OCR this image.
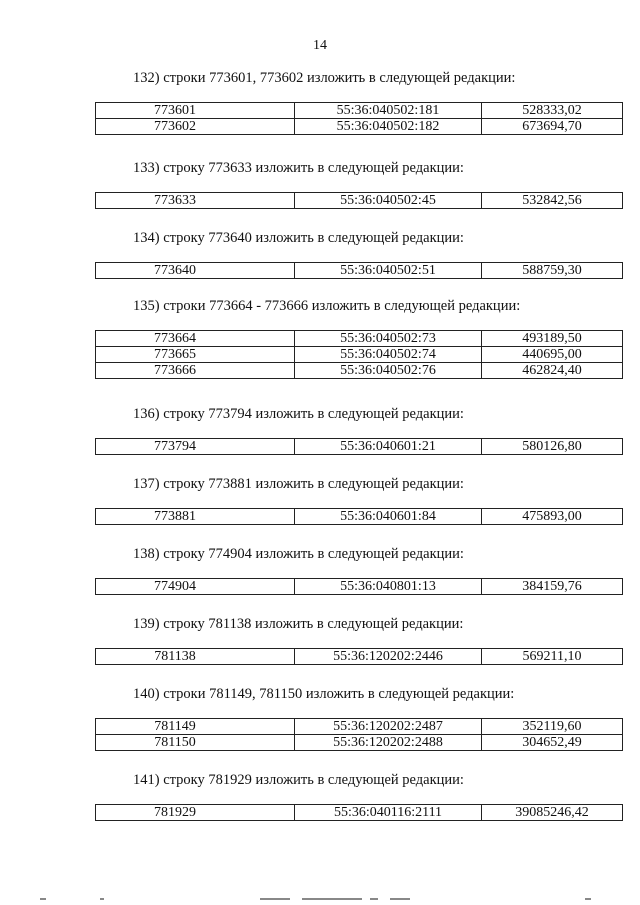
14
132) строки 773601, 773602 изложить в следующей редакции:
773601	55:36:040502:181	528333,02
773602	55:36:040502:182	673694,70
133) строку 773633 изложить в следующей редакции:
773633	55:36:040502:45	532842,56
134) строку 773640 изложить в следующей редакции:
773640	55:36:040502:51	588759,30
135) строки 773664 - 773666 изложить в следующей редакции:
773664	55:36:040502:73	493189,50
773665	55:36:040502:74	440695,00
773666	55:36:040502:76	462824,40
136) строку 773794 изложить в следующей редакции:
773794	55:36:040601:21	580126,80
137) строку 773881 изложить в следующей редакции:
773881	55:36:040601:84	475893,00
138) строку 774904 изложить в следующей редакции:
774904	55:36:040801:13	384159,76
139) строку 781138 изложить в следующей редакции:
781138	55:36:120202:2446	569211,10
140) строки 781149, 781150 изложить в следующей редакции:
781149	55:36:120202:2487	352119,60
781150	55:36:120202:2488	304652,49
141) строку 781929 изложить в следующей редакции:
781929	55:36:040116:2111	39085246,42
